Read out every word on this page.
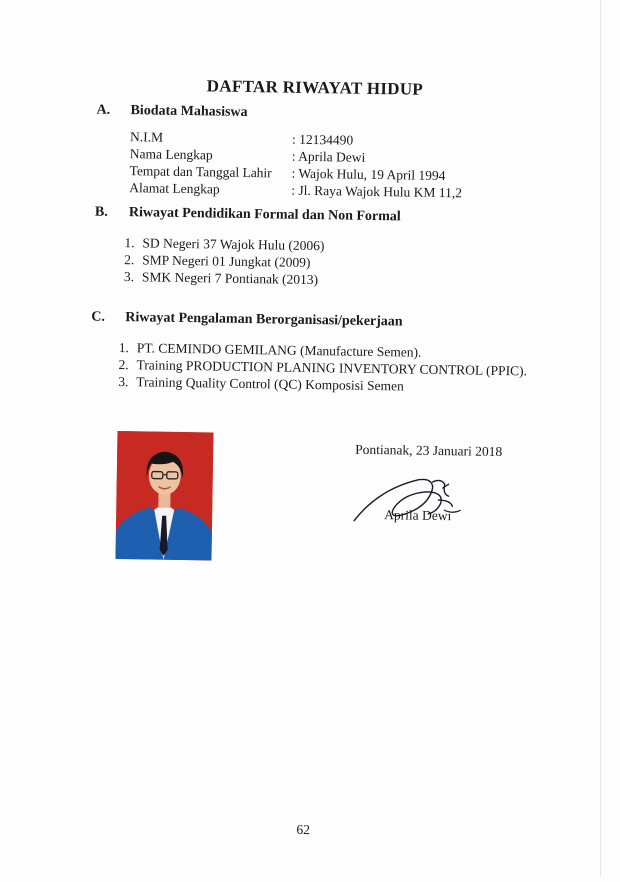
DAFTAR RIWAYAT HIDUP
A. Biodata Mahasiswa
N.I.M	: 12134490
Nama Lengkap	: Aprila Dewi
Tempat dan Tanggal Lahir : Wajok Hulu, 19 April 1994
Alamat Lengkap	: Jl. Raya Wajok Hulu KM 11,2
B. Riwayat Pendidikan Formal dan Non Formal
1. SD Negeri 37 Wajok Hulu (2006)
2. SMP Negeri 01 Jungkat (2009)
3. SMK Negeri 7 Pontianak (2013)
C. Riwayat Pengalaman Berorganisasi/pekerjaan
1. PT. CEMINDO GEMILANG (Manufacture Semen).
2. Training PRODUCTION PLANING INVENTORY CONTROL (PPIC).
3. Training Quality Control (QC) Komposisi Semen
Pontianak, 23 Januari 2018
Aprila Dewi
62
